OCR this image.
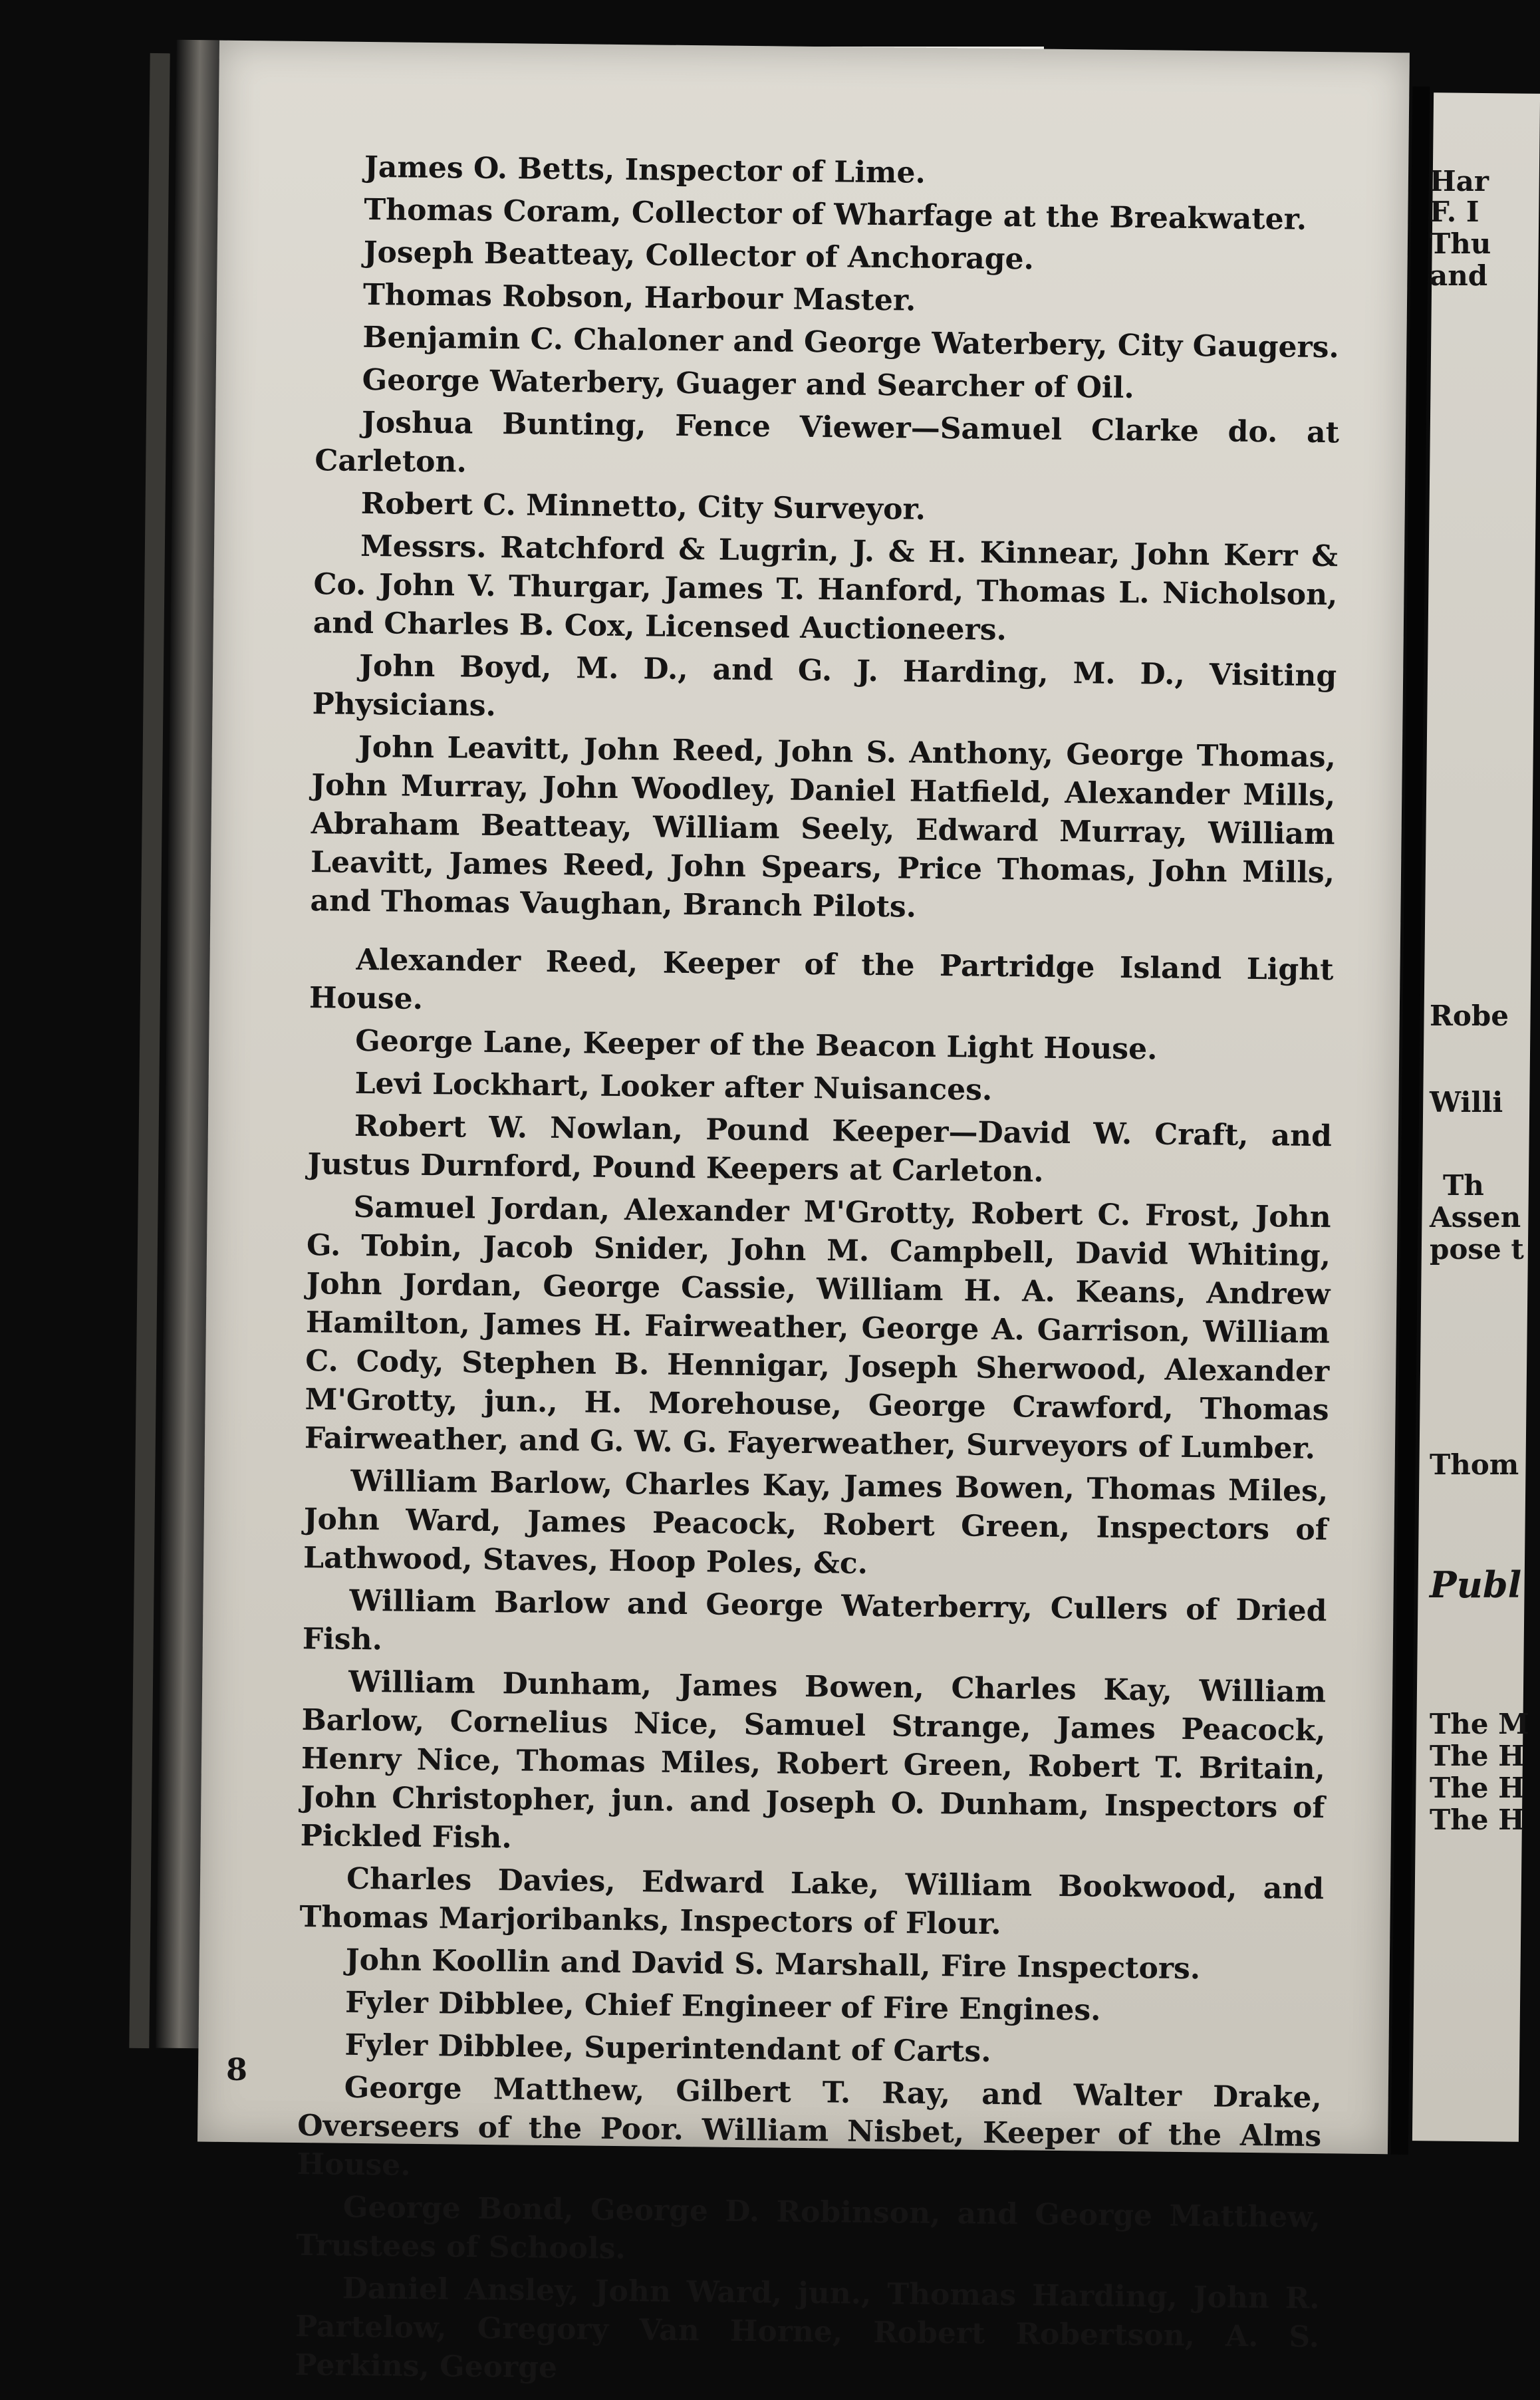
James O. Betts, Inspector of Lime.

Thomas Coram, Collector of Wharfage at the Breakwater.

Joseph Beatteay, Collector of Anchorage.

Thomas Robson, Harbour Master.

Benjamin C. Chaloner and George Waterbery, City Gaugers.

George Waterbery, Guager and Searcher of Oil.

Joshua Bunting, Fence Viewer—Samuel Clarke do. at Carleton.

Robert C. Minnetto, City Surveyor.

Messrs. Ratchford & Lugrin, J. & H. Kinnear, John Kerr & Co. John V. Thurgar, James T. Hanford, Thomas L. Nicholson, and Charles B. Cox, Licensed Auctioneers.

John Boyd, M. D., and G. J. Harding, M. D., Visiting Physicians.

John Leavitt, John Reed, John S. Anthony, George Thomas, John Murray, John Woodley, Daniel Hatfield, Alexander Mills, Abraham Beatteay, William Seely, Edward Murray, William Leavitt, James Reed, John Spears, Price Thomas, John Mills, and Thomas Vaughan, Branch Pilots.

Alexander Reed, Keeper of the Partridge Island Light House.

George Lane, Keeper of the Beacon Light House.

Levi Lockhart, Looker after Nuisances.

Robert W. Nowlan, Pound Keeper—David W. Craft, and Justus Durnford, Pound Keepers at Carleton.

Samuel Jordan, Alexander M'Grotty, Robert C. Frost, John G. Tobin, Jacob Snider, John M. Campbell, David Whiting, John Jordan, George Cassie, William H. A. Keans, Andrew Hamilton, James H. Fairweather, George A. Garrison, William C. Cody, Stephen B. Hennigar, Joseph Sherwood, Alexander M'Grotty, jun., H. Morehouse, George Crawford, Thomas Fairweather, and G. W. G. Fayerweather, Surveyors of Lumber.

William Barlow, Charles Kay, James Bowen, Thomas Miles, John Ward, James Peacock, Robert Green, Inspectors of Lathwood, Staves, Hoop Poles, &c.

William Barlow and George Waterberry, Cullers of Dried Fish.

William Dunham, James Bowen, Charles Kay, William Barlow, Cornelius Nice, Samuel Strange, James Peacock, Henry Nice, Thomas Miles, Robert Green, Robert T. Britain, John Christopher, jun. and Joseph O. Dunham, Inspectors of Pickled Fish.

Charles Davies, Edward Lake, William Bookwood, and Thomas Marjoribanks, Inspectors of Flour.

John Koollin and David S. Marshall, Fire Inspectors.

Fyler Dibblee, Chief Engineer of Fire Engines.

Fyler Dibblee, Superintendant of Carts.

George Matthew, Gilbert T. Ray, and Walter Drake, Overseers of the Poor. William Nisbet, Keeper of the Alms House.

George Bond, George D. Robinson, and George Matthew, Trustees of Schools.

Daniel Ansley, John Ward, jun., Thomas Harding, John R. Partelow, Gregory Van Horne, Robert Robertson, A. S. Perkins, George

8
Har
F. I
Thu
and
Robe
Willi
Th
Assen
pose t
Thom
Publ
The M
The H
The H
The H
